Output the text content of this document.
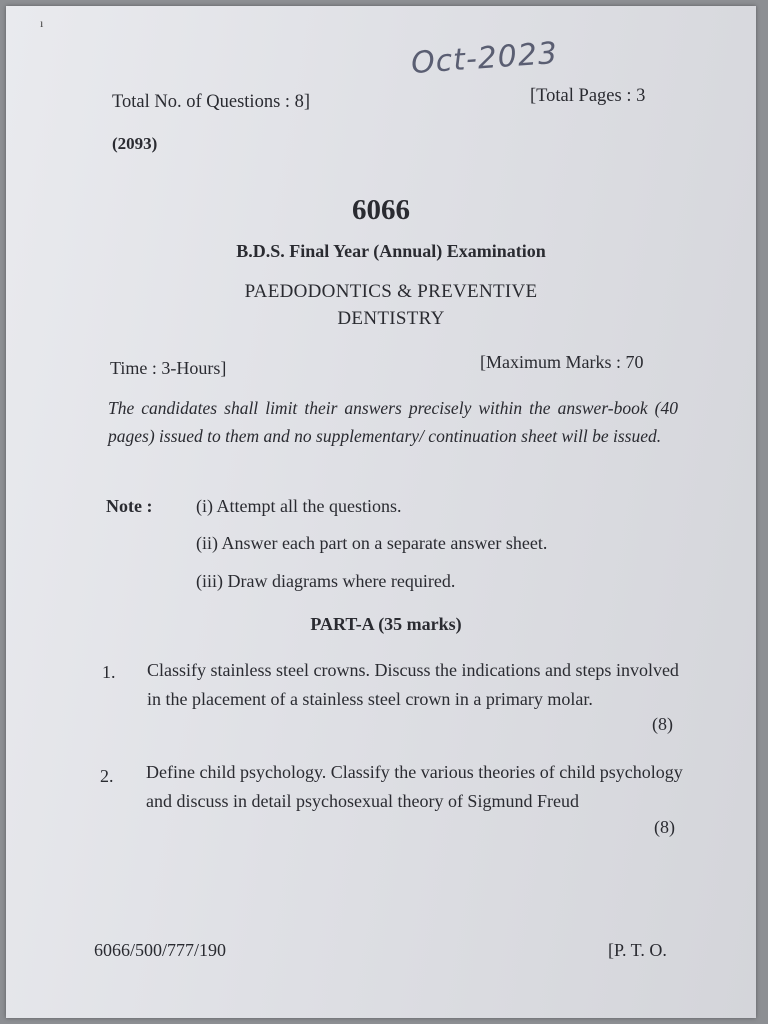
ı
Oct-2023
Total No. of Questions : 8]	[Total Pages : 3
(2093)
6066
B.D.S. Final Year (Annual) Examination
PAEDODONTICS & PREVENTIVE
DENTISTRY
Time : 3-Hours]	[Maximum Marks : 70
The candidates shall limit their answers precisely within the answer-book (40 pages) issued to them and no supplementary/ continuation sheet will be issued.
Note : (i) Attempt all the questions.
(ii) Answer each part on a separate answer sheet.
(iii) Draw diagrams where required.
PART-A (35 marks)
1. Classify stainless steel crowns. Discuss the indications and steps involved in the placement of a stainless steel crown in a primary molar.
(8)
2. Define child psychology. Classify the various theories of child psychology and discuss in detail psychosexual theory of Sigmund Freud
(8)
6066/500/777/190	[P. T. O.
